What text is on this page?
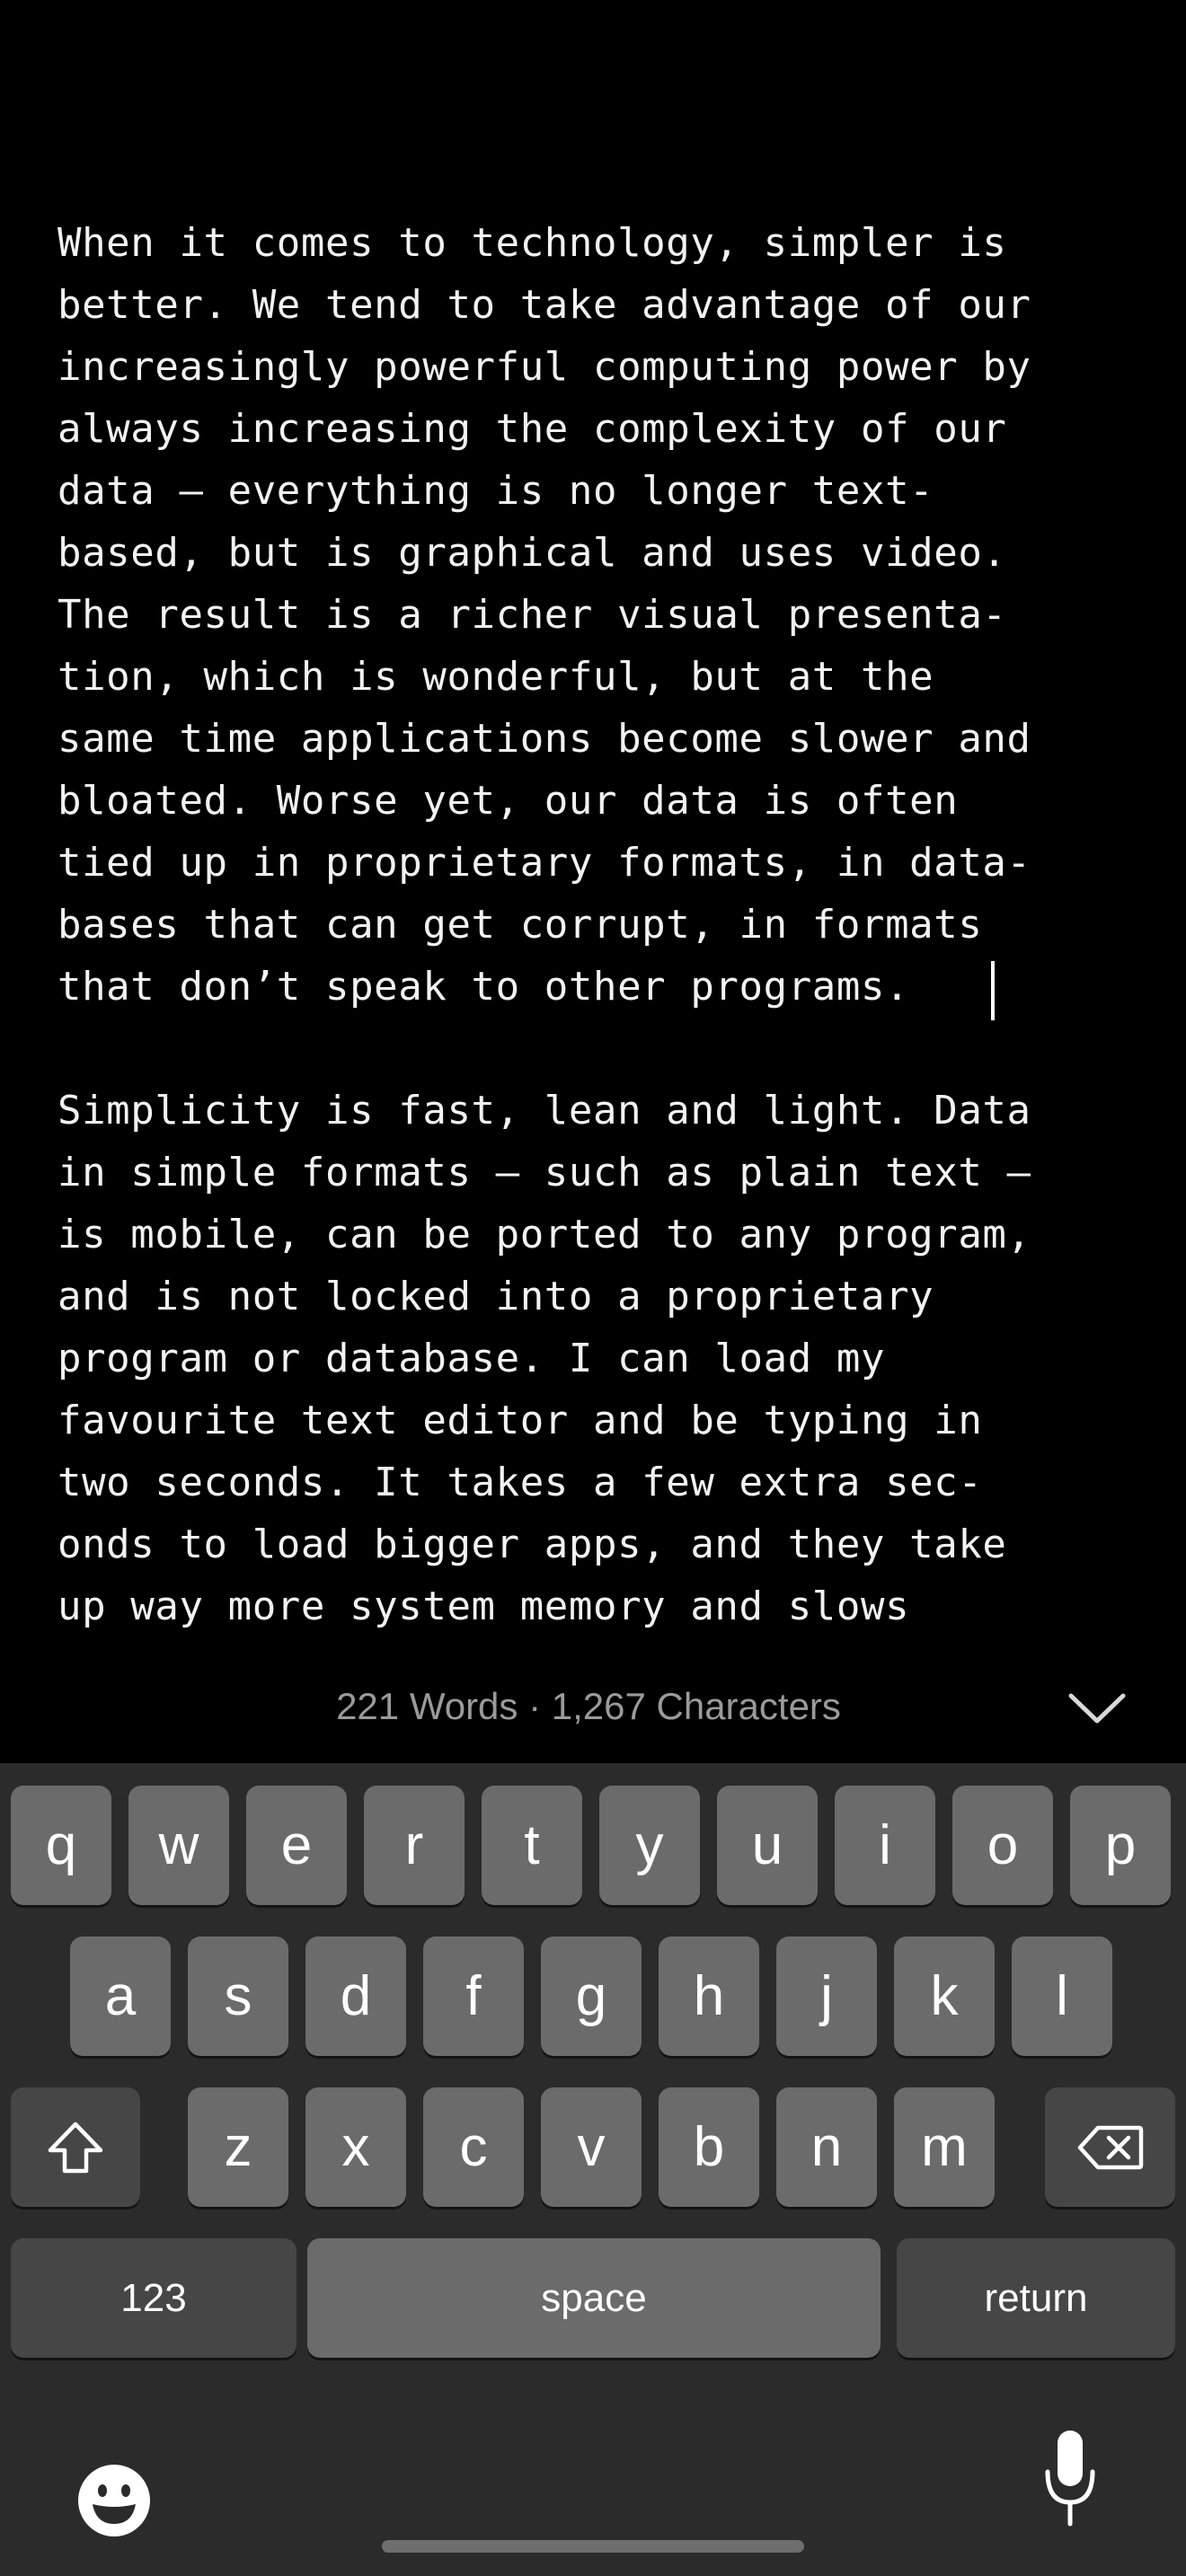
When it comes to technology, simpler is
better. We tend to take advantage of our
increasingly powerful computing power by
always increasing the complexity of our
data — everything is no longer text-
based, but is graphical and uses video.
The result is a richer visual presenta-
tion, which is wonderful, but at the
same time applications become slower and
bloated. Worse yet, our data is often
tied up in proprietary formats, in data-
bases that can get corrupt, in formats
that don’t speak to other programs.
Simplicity is fast, lean and light. Data
in simple formats — such as plain text —
is mobile, can be ported to any program,
and is not locked into a proprietary
program or database. I can load my
favourite text editor and be typing in
two seconds. It takes a few extra sec-
onds to load bigger apps, and they take
up way more system memory and slows
221 Words · 1,267 Characters
q	w	e	r	t	y	u	i	o	p
a	s	d	f	g	h	j	k	l
z	x	c	v	b	n	m
123	space	return
